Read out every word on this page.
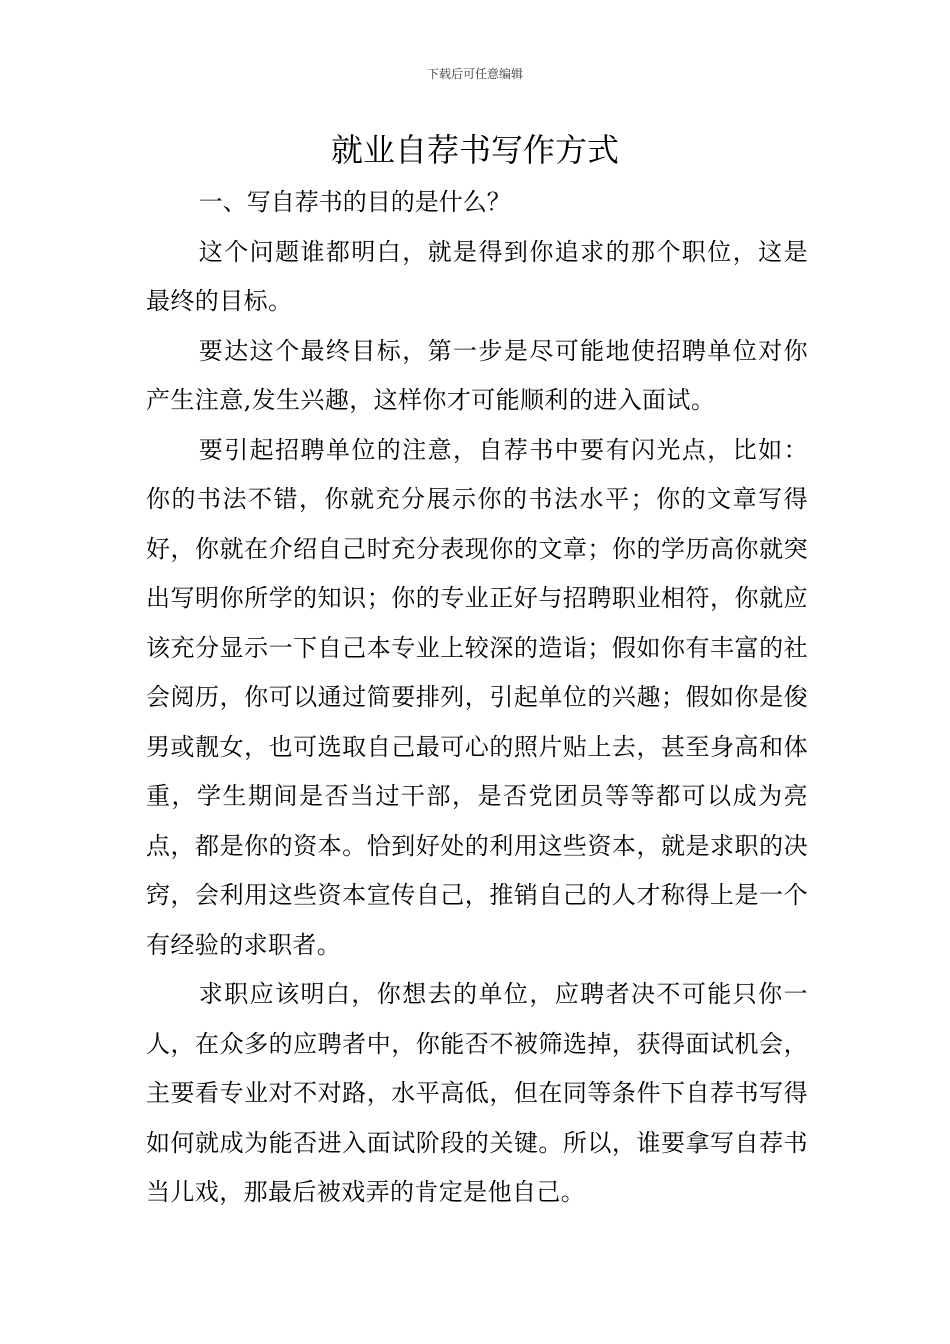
下载后可任意编辑
就业自荐书写作方式

一、写自荐书的目的是什么？

这个问题谁都明白，就是得到你追求的那个职位，这是最终的目标。

要达这个最终目标，第一步是尽可能地使招聘单位对你产生注意,发生兴趣，这样你才可能顺利的进入面试。

要引起招聘单位的注意，自荐书中要有闪光点，比如：你的书法不错，你就充分展示你的书法水平；你的文章写得好，你就在介绍自己时充分表现你的文章；你的学历高你就突出写明你所学的知识；你的专业正好与招聘职业相符，你就应该充分显示一下自己本专业上较深的造诣；假如你有丰富的社会阅历，你可以通过简要排列，引起单位的兴趣；假如你是俊男或靓女，也可选取自己最可心的照片贴上去，甚至身高和体重，学生期间是否当过干部，是否党团员等等都可以成为亮点，都是你的资本。恰到好处的利用这些资本，就是求职的决窍，会利用这些资本宣传自己，推销自己的人才称得上是一个有经验的求职者。

求职应该明白，你想去的单位，应聘者决不可能只你一人，在众多的应聘者中，你能否不被筛选掉，获得面试机会，主要看专业对不对路，水平高低，但在同等条件下自荐书写得如何就成为能否进入面试阶段的关键。所以，谁要拿写自荐书当儿戏，那最后被戏弄的肯定是他自己。
